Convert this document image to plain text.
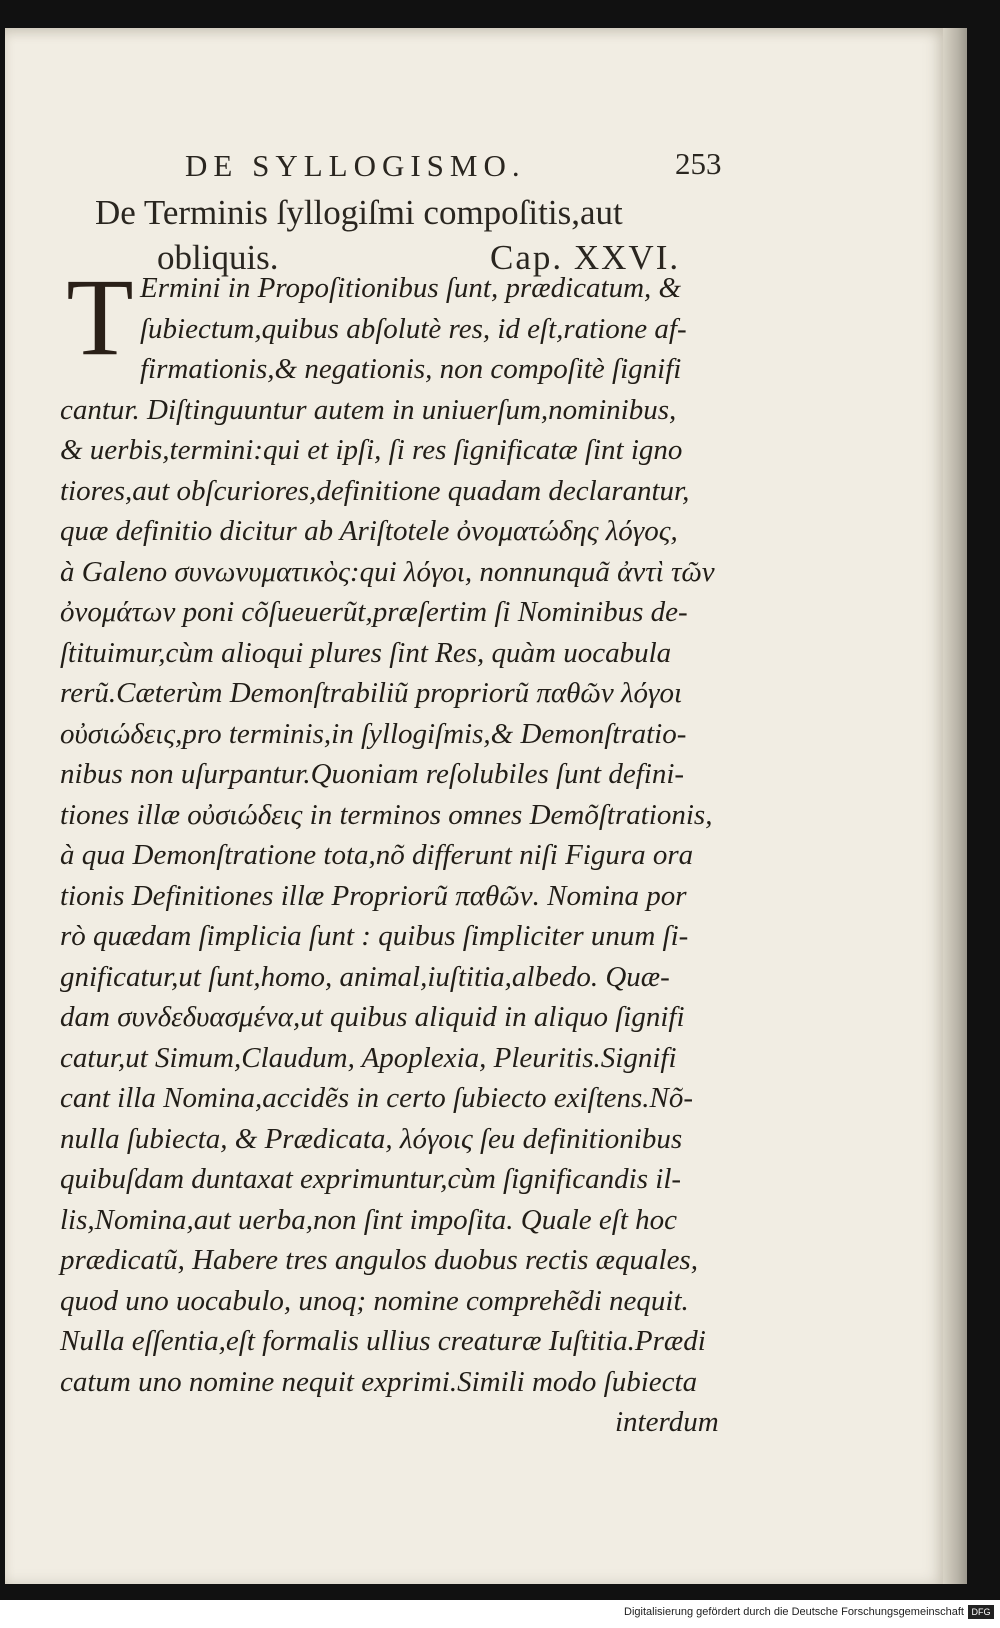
DE SYLLOGISMO.	253
De Terminis ſyllogiſmi compoſitis,aut
obliquis.	Cap. XXVI.
T Ermini in Propoſitionibus ſunt, prædicatum, &
ſubiectum,quibus abſolutè res, id eſt,ratione af-
firmationis,& negationis, non compoſitè ſignifi
cantur. Diſtinguuntur autem in uniuerſum,nominibus,
& uerbis,termini:qui et ipſi, ſi res ſignificatæ ſint igno
tiores,aut obſcuriores,definitione quadam declarantur,
quæ definitio dicitur ab Ariſtotele ὀνοματώδης λόγος,
à Galeno συνωνυματικὸς:qui λόγοι, nonnunquã ἀντὶ τῶν
ὀνομάτων poni cõſueuerũt,præſertim ſi Nominibus de-
ſtituimur,cùm alioqui plures ſint Res, quàm uocabula
rerũ.Cæterùm Demonſtrabiliũ propriorũ παθῶν λόγοι
οὐσιώδεις,pro terminis,in ſyllogiſmis,& Demonſtratio-
nibus non uſurpantur.Quoniam reſolubiles ſunt defini-
tiones illæ οὐσιώδεις in terminos omnes Demõſtrationis,
à qua Demonſtratione tota,nõ differunt niſi Figura ora
tionis Definitiones illæ Propriorũ παθῶν. Nomina por
rò quædam ſimplicia ſunt : quibus ſimpliciter unum ſi-
gnificatur,ut ſunt,homo, animal,iuſtitia,albedo. Quæ-
dam συνδεδυασμένα,ut quibus aliquid in aliquo ſignifi
catur,ut Simum,Claudum, Apoplexia, Pleuritis.Signifi
cant illa Nomina,accidẽs in certo ſubiecto exiſtens.Nõ-
nulla ſubiecta, & Prædicata, λόγοις ſeu definitionibus
quibuſdam duntaxat exprimuntur,cùm ſignificandis il-
lis,Nomina,aut uerba,non ſint impoſita. Quale eſt hoc
prædicatũ, Habere tres angulos duobus rectis æquales,
quod uno uocabulo, unoq; nomine comprehẽdi nequit.
Nulla eſſentia,eſt formalis ullius creaturæ Iuſtitia.Prædi
catum uno nomine nequit exprimi.Simili modo ſubiecta
interdum
Digitalisierung gefördert durch die Deutsche Forschungsgemeinschaft DFG
